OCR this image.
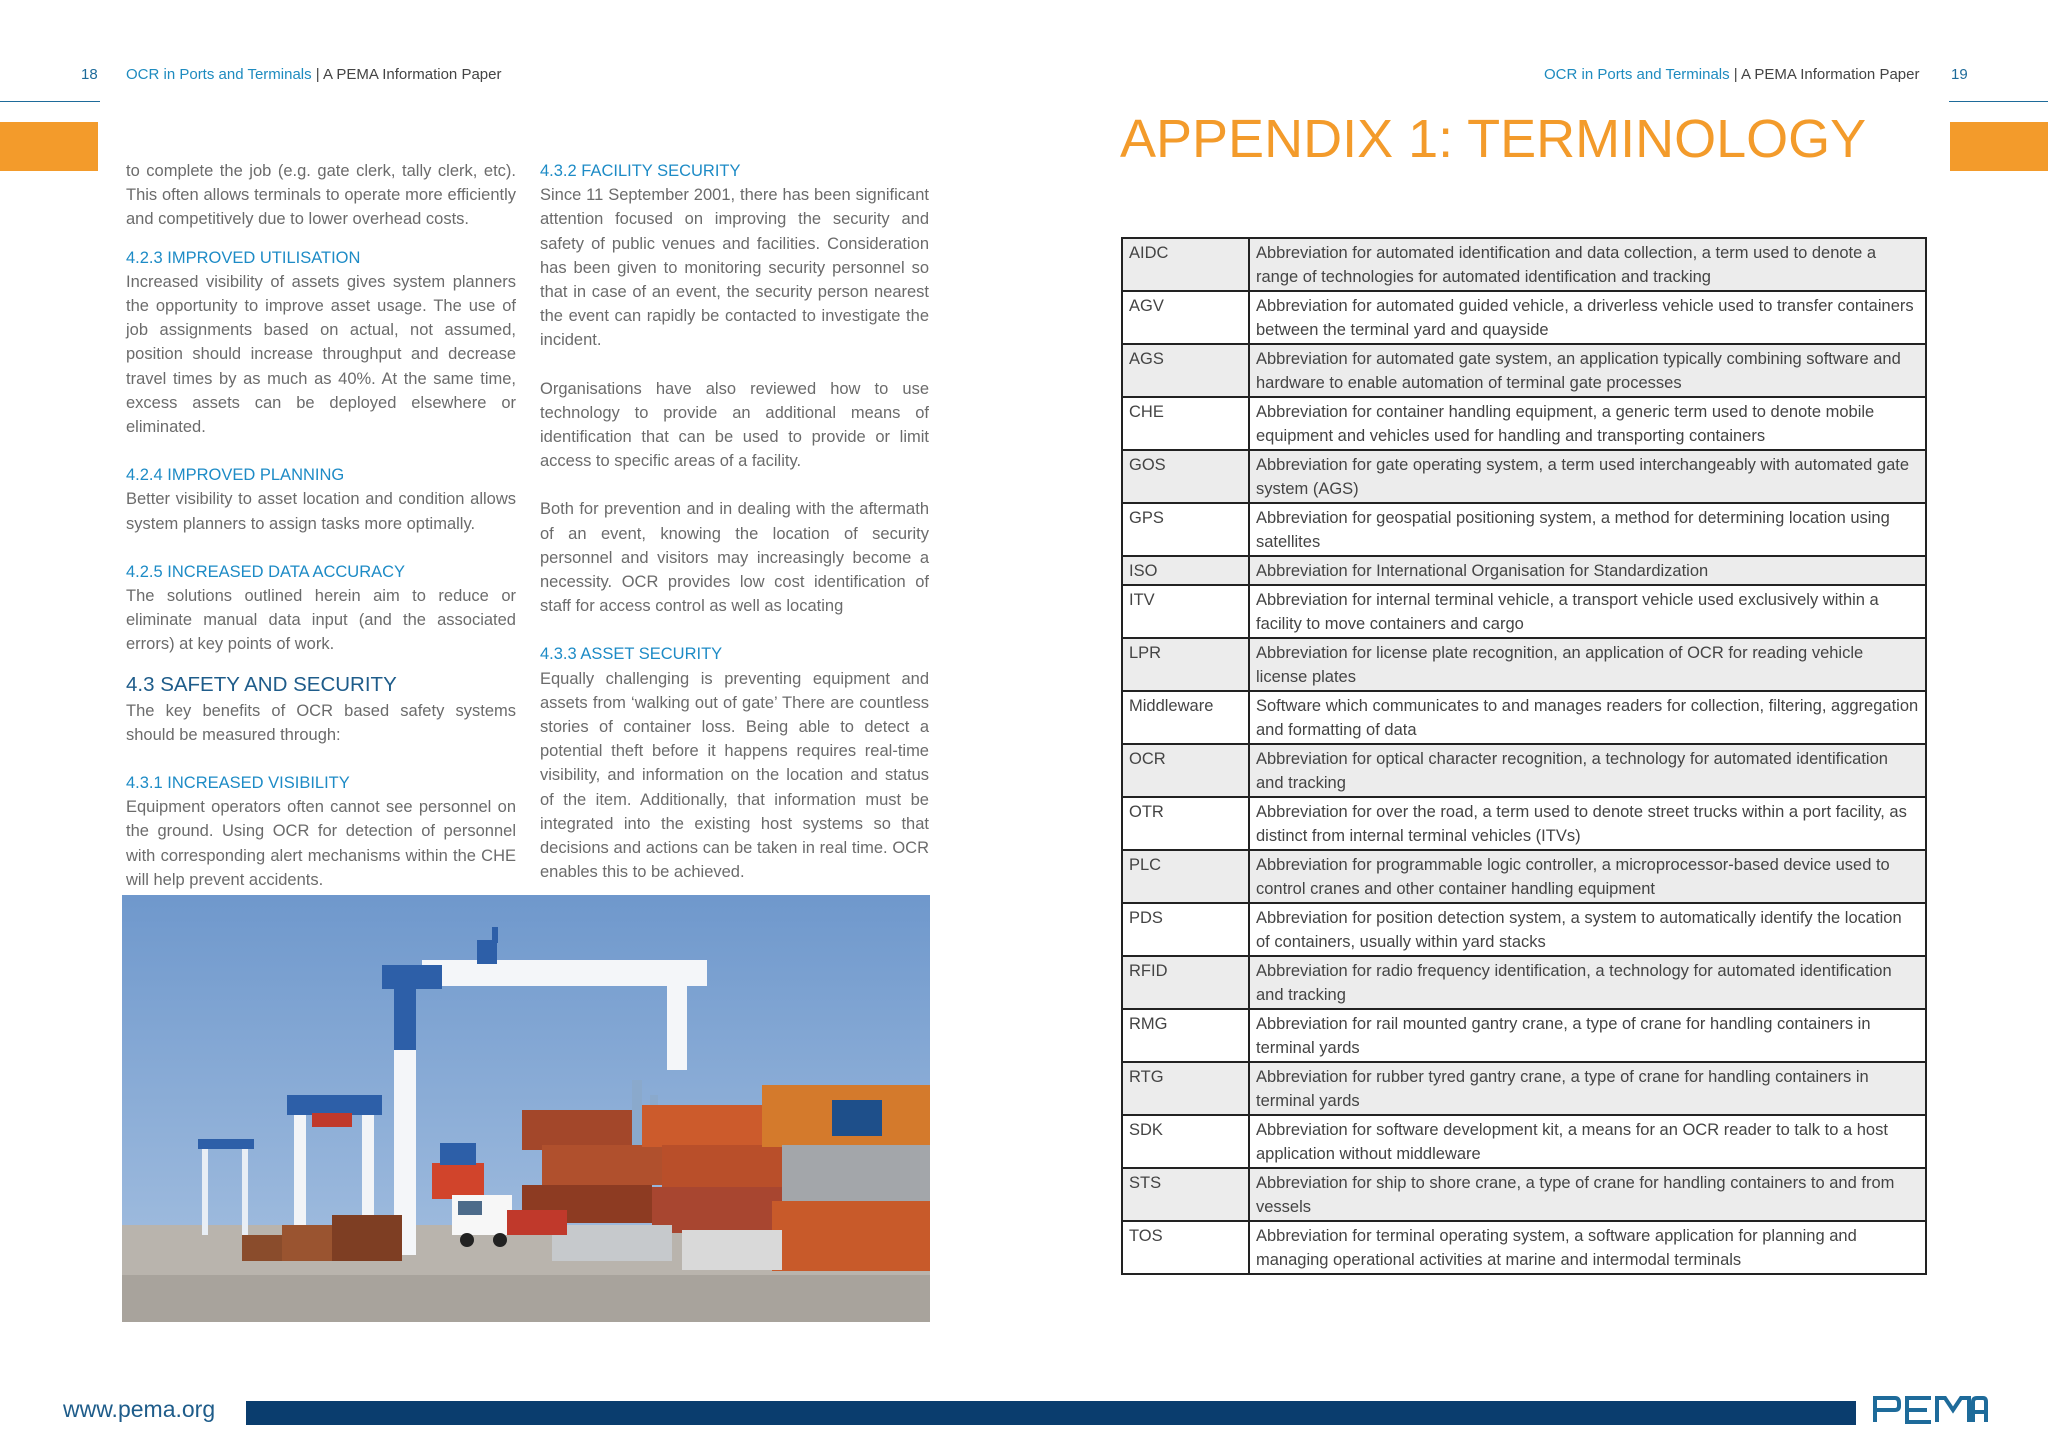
18 OCR in Ports and Terminals | A PEMA Information Paper	OCR in Ports and Terminals | A PEMA Information Paper 19

to complete the job (e.g. gate clerk, tally clerk, etc). This often allows terminals to operate more efficiently and competitively due to lower overhead costs.

4.2.3 IMPROVED UTILISATION

Increased visibility of assets gives system planners the opportunity to improve asset usage. The use of job assignments based on actual, not assumed, position should increase throughput and decrease travel times by as much as 40%. At the same time, excess assets can be deployed elsewhere or eliminated.

4.2.4 IMPROVED PLANNING

Better visibility to asset location and condition allows system planners to assign tasks more optimally.

4.2.5 INCREASED DATA ACCURACY

The solutions outlined herein aim to reduce or eliminate manual data input (and the associated errors) at key points of work.

4.3 SAFETY AND SECURITY

The key benefits of OCR based safety systems should be measured through:

4.3.1 INCREASED VISIBILITY

Equipment operators often cannot see personnel on the ground. Using OCR for detection of personnel with corresponding alert mechanisms within the CHE will help prevent accidents.

4.3.2 FACILITY SECURITY

Since 11 September 2001, there has been significant attention focused on improving the security and safety of public venues and facilities. Consideration has been given to monitoring security personnel so that in case of an event, the security person nearest the event can rapidly be contacted to investigate the incident.

Organisations have also reviewed how to use technology to provide an additional means of identification that can be used to provide or limit access to specific areas of a facility.

Both for prevention and in dealing with the aftermath of an event, knowing the location of security personnel and visitors may increasingly become a necessity. OCR provides low cost identification of staff for access control as well as locating

4.3.3 ASSET SECURITY

Equally challenging is preventing equipment and assets from ‘walking out of gate’ There are countless stories of container loss. Being able to detect a potential theft before it happens requires real-time visibility, and information on the location and status of the item. Additionally, that information must be integrated into the existing host systems so that decisions and actions can be taken in real time. OCR enables this to be achieved.

APPENDIX 1: TERMINOLOGY
AIDC	Abbreviation for automated identification and data collection, a term used to denote a range of technologies for automated identification and tracking
AGV	Abbreviation for automated guided vehicle, a driverless vehicle used to transfer containers between the terminal yard and quayside
AGS	Abbreviation for automated gate system, an application typically combining software and hardware to enable automation of terminal gate processes
CHE	Abbreviation for container handling equipment, a generic term used to denote mobile equipment and vehicles used for handling and transporting containers
GOS	Abbreviation for gate operating system, a term used interchangeably with automated gate system (AGS)
GPS	Abbreviation for geospatial positioning system, a method for determining location using satellites
ISO	Abbreviation for International Organisation for Standardization
ITV	Abbreviation for internal terminal vehicle, a transport vehicle used exclusively within a facility to move containers and cargo
LPR	Abbreviation for license plate recognition, an application of OCR for reading vehicle license plates
Middleware	Software which communicates to and manages readers for collection, filtering, aggregation and formatting of data
OCR	Abbreviation for optical character recognition, a technology for automated identification and tracking
OTR	Abbreviation for over the road, a term used to denote street trucks within a port facility, as distinct from internal terminal vehicles (ITVs)
PLC	Abbreviation for programmable logic controller, a microprocessor-based device used to control cranes and other container handling equipment
PDS	Abbreviation for position detection system, a system to automatically identify the location of containers, usually within yard stacks
RFID	Abbreviation for radio frequency identification, a technology for automated identification and tracking
RMG	Abbreviation for rail mounted gantry crane, a type of crane for handling containers in terminal yards
RTG	Abbreviation for rubber tyred gantry crane, a type of crane for handling containers in terminal yards
SDK	Abbreviation for software development kit, a means for an OCR reader to talk to a host application without middleware
STS	Abbreviation for ship to shore crane, a type of crane for handling containers to and from vessels
TOS	Abbreviation for terminal operating system, a software application for planning and managing operational activities at marine and intermodal terminals
www.pema.org
